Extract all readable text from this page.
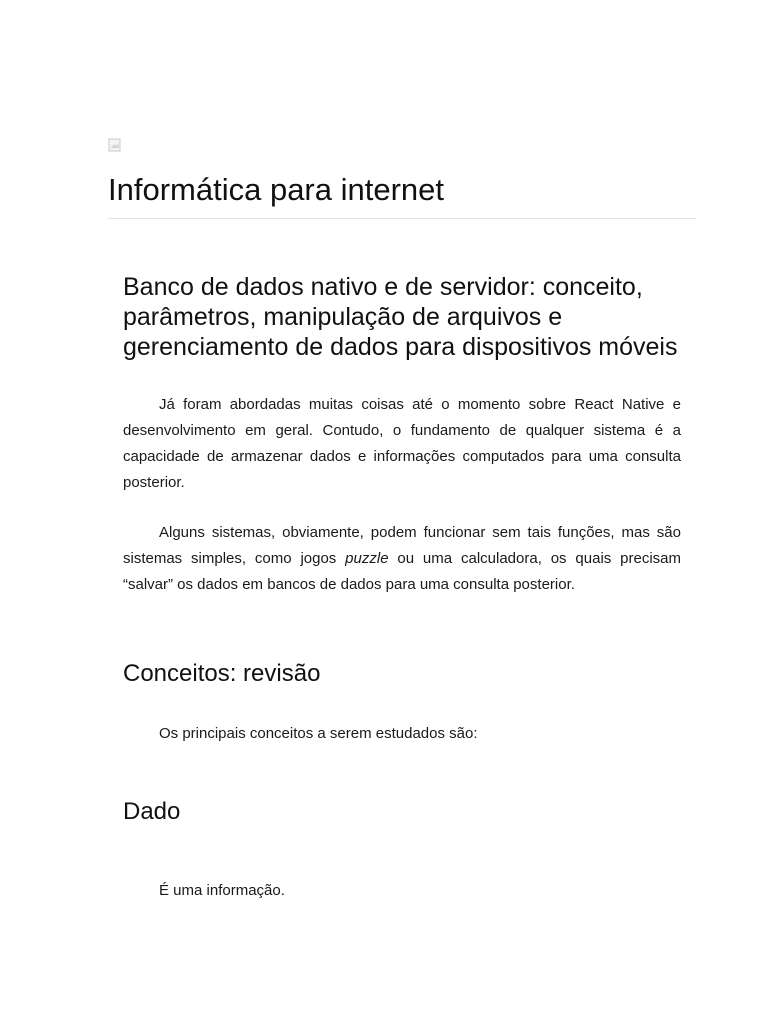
Informática para internet
Banco de dados nativo e de servidor: conceito, parâmetros, manipulação de arquivos e gerenciamento de dados para dispositivos móveis

Já foram abordadas muitas coisas até o momento sobre React Native e desenvolvimento em geral. Contudo, o fundamento de qualquer sistema é a capacidade de armazenar dados e informações computados para uma consulta posterior.

Alguns sistemas, obviamente, podem funcionar sem tais funções, mas são sistemas simples, como jogos puzzle ou uma calculadora, os quais precisam “salvar” os dados em bancos de dados para uma consulta posterior.

Conceitos: revisão

Os principais conceitos a serem estudados são:

Dado

É uma informação.
